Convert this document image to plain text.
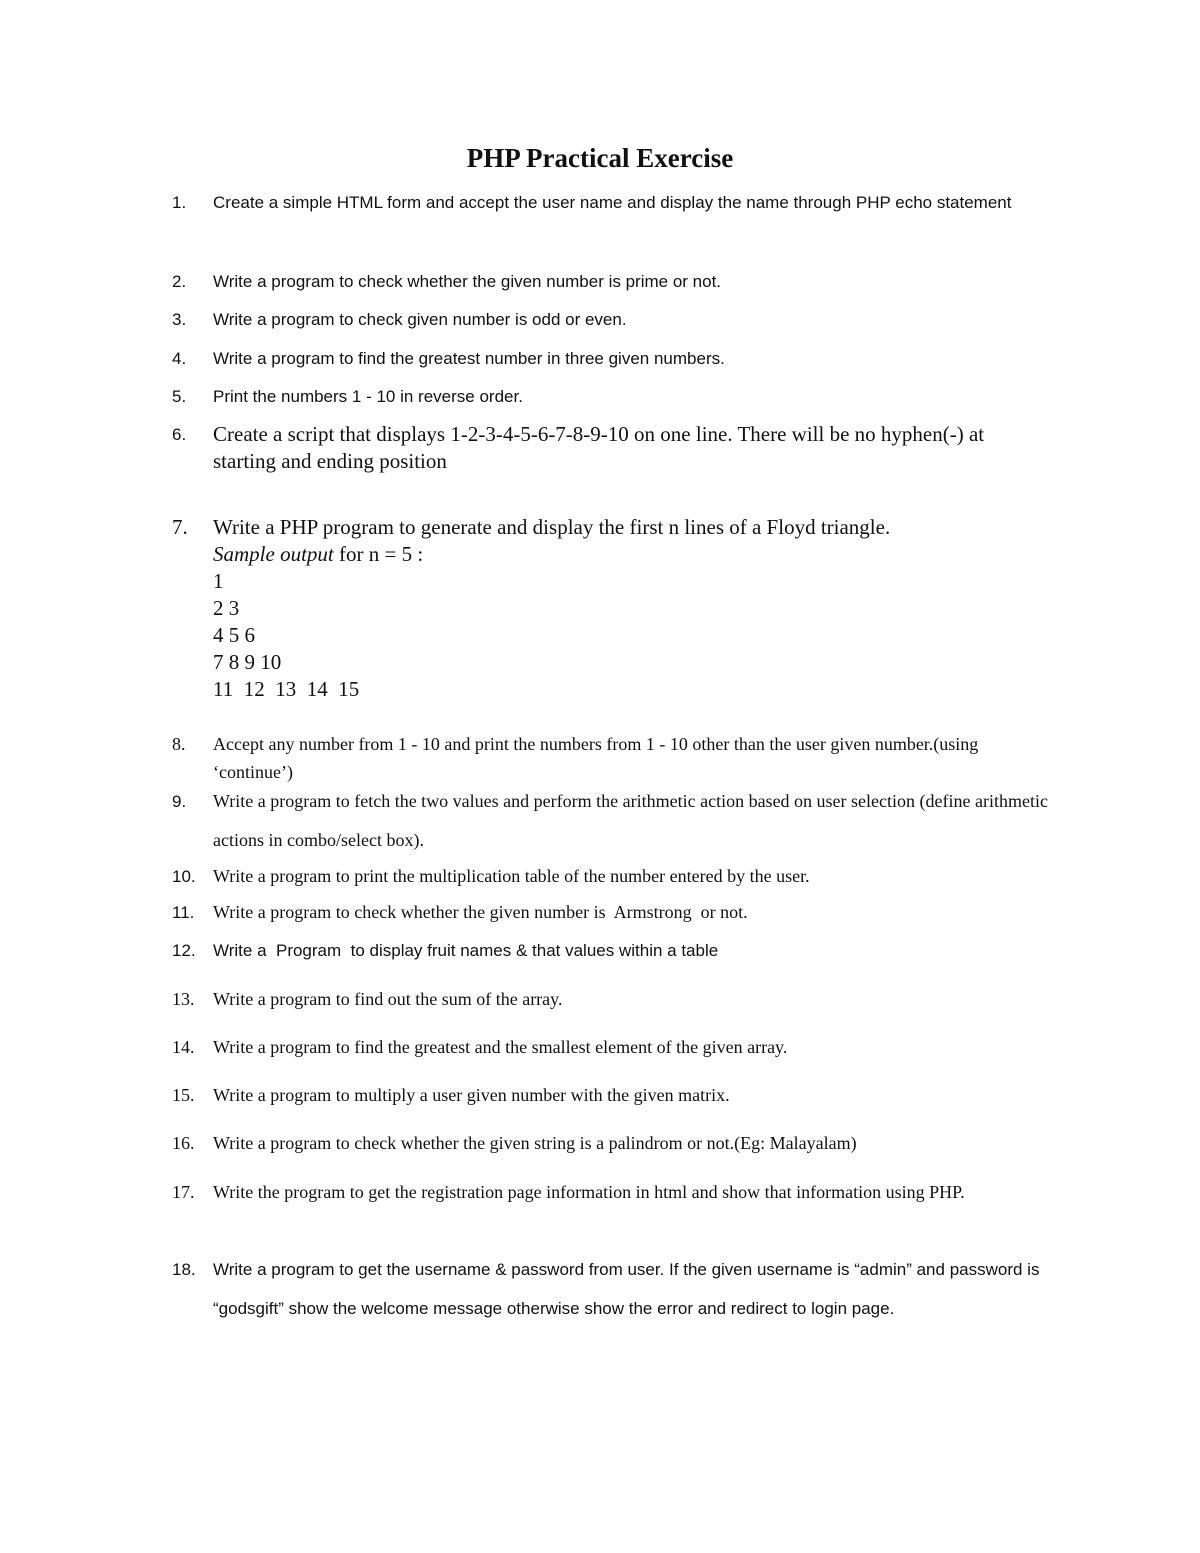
PHP Practical Exercise
1.	Create a simple HTML form and accept the user name and display the name through PHP echo statement
2.	Write a program to check whether the given number is prime or not.
3.	Write a program to check given number is odd or even.
4.	Write a program to find the greatest number in three given numbers.
5.	Print the numbers 1 - 10 in reverse order.
6.	Create a script that displays 1-2-3-4-5-6-7-8-9-10 on one line. There will be no hyphen(-) at starting and ending position
7.	Write a PHP program to generate and display the first n lines of a Floyd triangle.
Sample output for n = 5 :
1
2 3
4 5 6
7 8 9 10
11  12  13  14  15
8.	Accept any number from 1 - 10 and print the numbers from 1 - 10 other than the user given number.(using ‘continue’)
9.	Write a program to fetch the two values and perform the arithmetic action based on user selection (define arithmetic actions in combo/select box).
10. Write a program to print the multiplication table of the number entered by the user.
11.	Write a program to check whether the given number is  Armstrong  or not.
12.	Write a  Program  to display fruit names & that values within a table
13.	Write a program to find out the sum of the array.
14.	Write a program to find the greatest and the smallest element of the given array.
15.	Write a program to multiply a user given number with the given matrix.
16.	Write a program to check whether the given string is a palindrom or not.(Eg: Malayalam)
17.	Write the program to get the registration page information in html and show that information using PHP.
18.	Write a program to get the username & password from user. If the given username is “admin” and password is “godsgift” show the welcome message otherwise show the error and redirect to login page.
